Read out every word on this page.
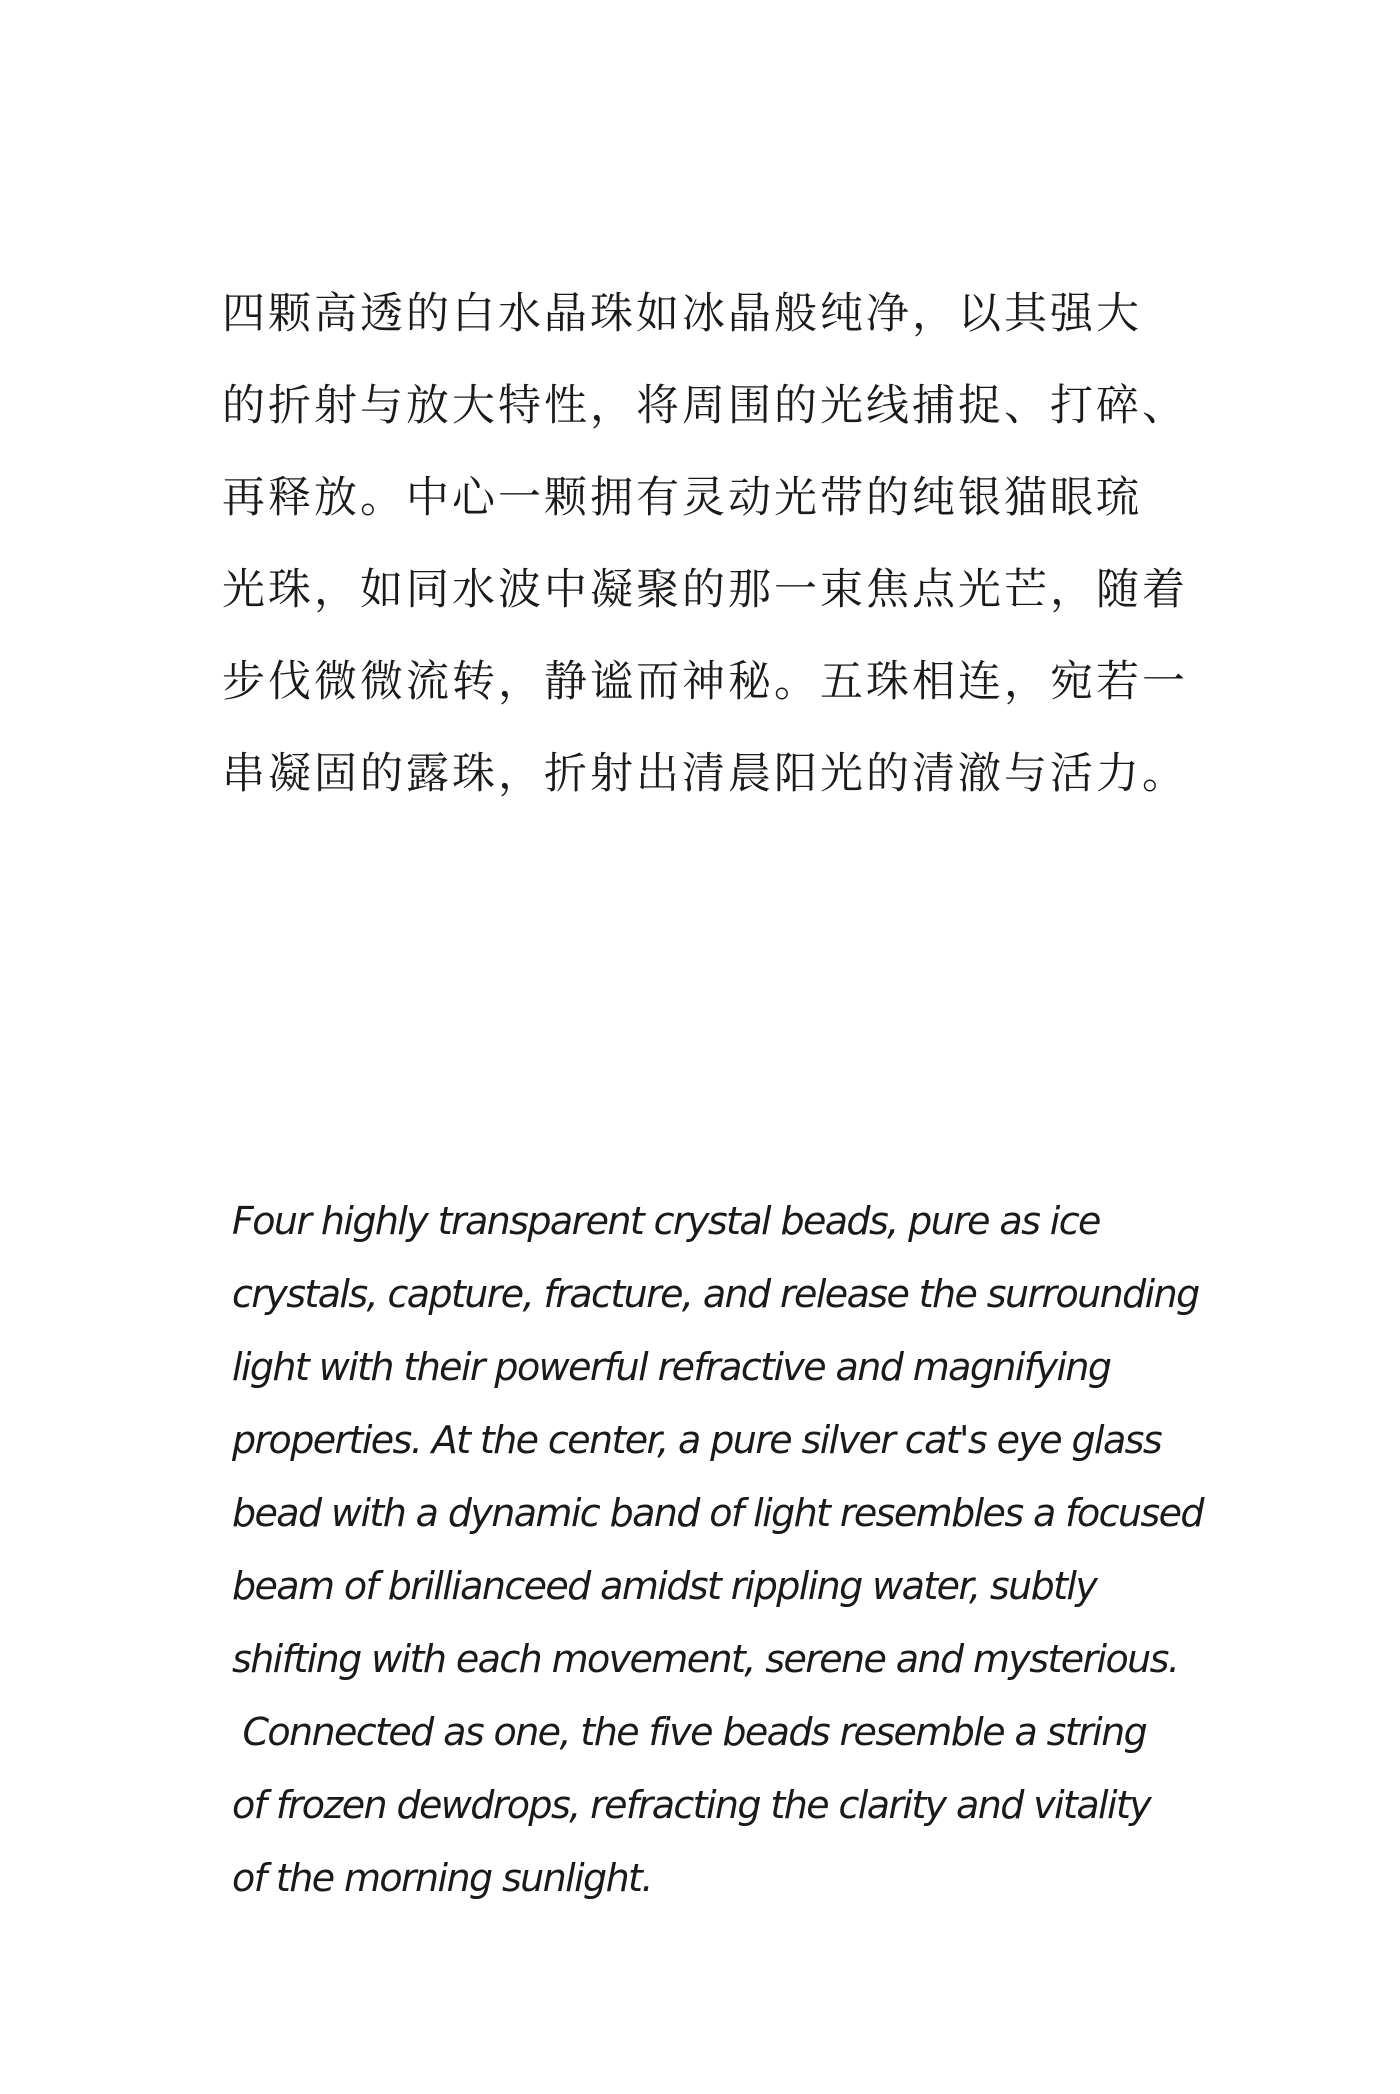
四颗高透的白水晶珠如冰晶般纯净，以其强大
的折射与放大特性，将周围的光线捕捉、打碎、
再释放。中心一颗拥有灵动光带的纯银猫眼琉
光珠，如同水波中凝聚的那一束焦点光芒，随着
步伐微微流转，静谧而神秘。五珠相连，宛若一
串凝固的露珠，折射出清晨阳光的清澈与活力。
Four highly transparent crystal beads, pure as ice
crystals, capture, fracture, and release the surrounding
light with their powerful refractive and magnifying
properties. At the center, a pure silver cat's eye glass
bead with a dynamic band of light resembles a focused
beam of brillianceed amidst rippling water, subtly
shifting with each movement, serene and mysterious.
Connected as one, the five beads resemble a string
of frozen dewdrops, refracting the clarity and vitality
of the morning sunlight.
